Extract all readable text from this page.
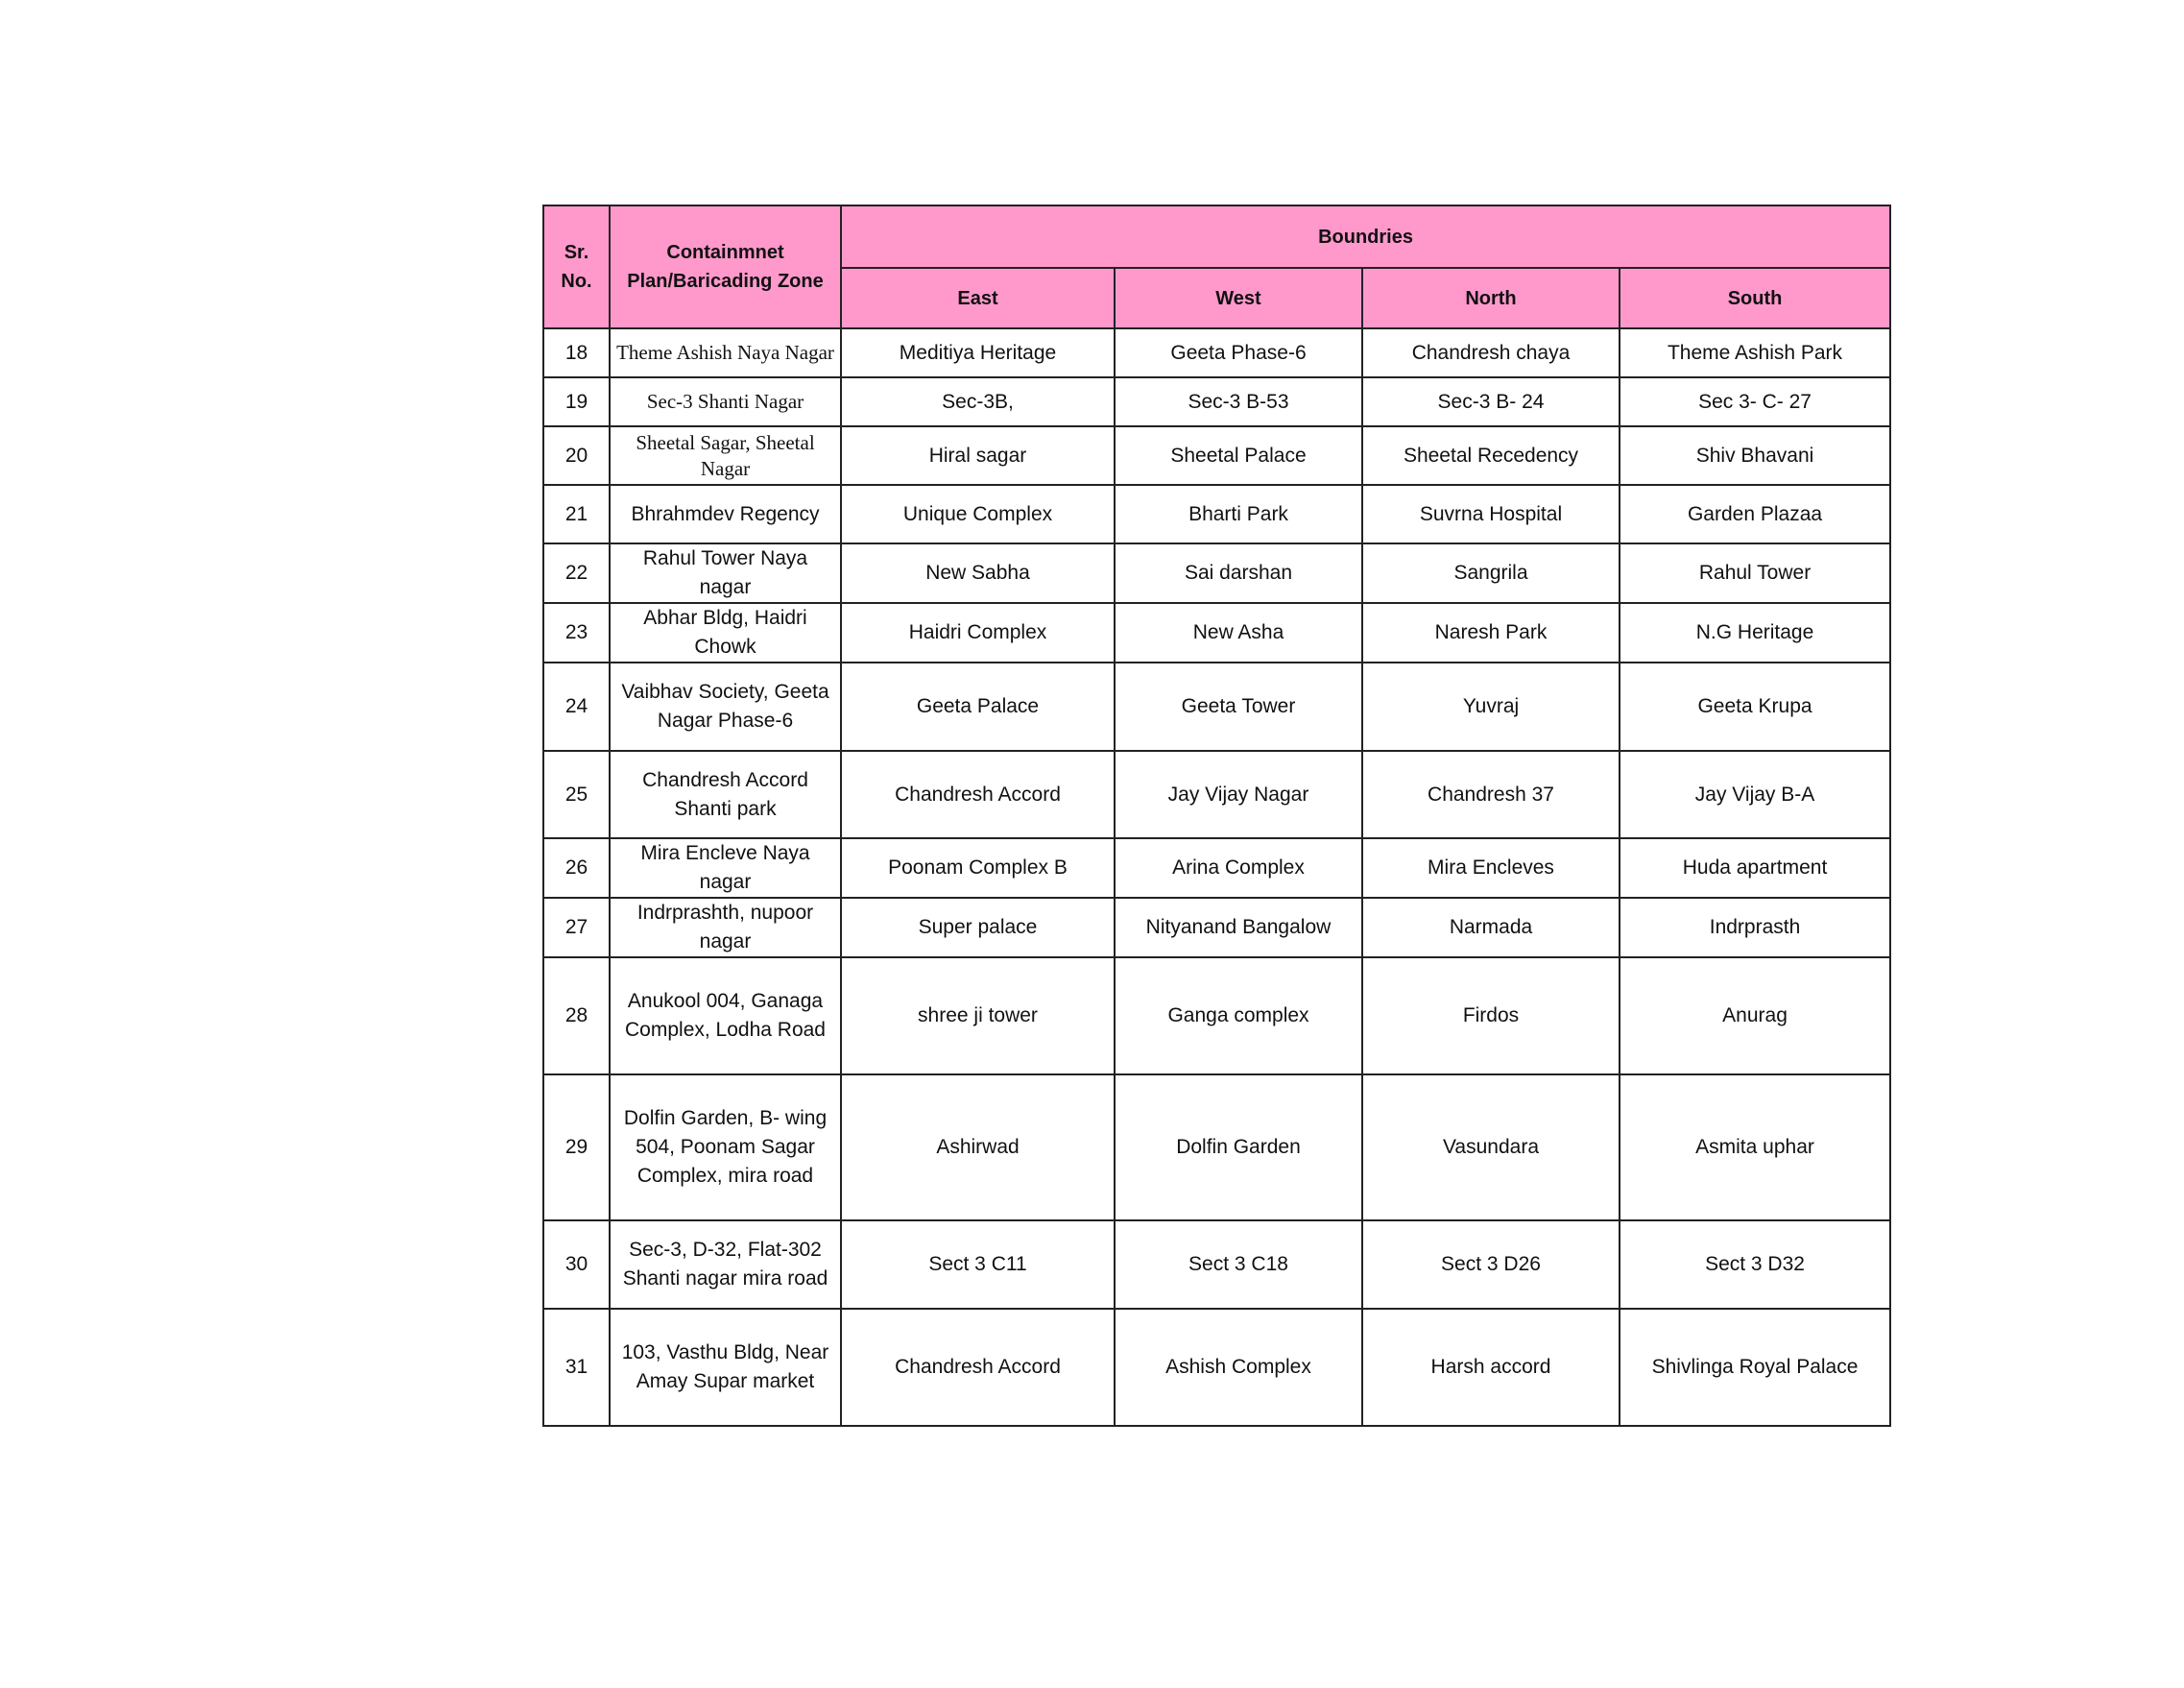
Sr. No.	Containmnet Plan/Baricading Zone	Boundries			
		East	West	North	South
18	Theme Ashish Naya Nagar	Meditiya Heritage	Geeta Phase-6	Chandresh chaya	Theme Ashish Park
19	Sec-3 Shanti Nagar	Sec-3B,	Sec-3 B-53	Sec-3 B- 24	Sec 3- C- 27
20	Sheetal Sagar, Sheetal Nagar	Hiral sagar	Sheetal Palace	Sheetal Recedency	Shiv Bhavani
21	Bhrahmdev Regency	Unique Complex	Bharti Park	Suvrna Hospital	Garden Plazaa
22	Rahul Tower Naya nagar	New Sabha	Sai darshan	Sangrila	Rahul Tower
23	Abhar Bldg, Haidri Chowk	Haidri Complex	New Asha	Naresh Park	N.G Heritage
24	Vaibhav Society, Geeta Nagar Phase-6	Geeta Palace	Geeta Tower	Yuvraj	Geeta Krupa
25	Chandresh Accord Shanti park	Chandresh Accord	Jay Vijay Nagar	Chandresh 37	Jay Vijay B-A
26	Mira Encleve Naya nagar	Poonam Complex B	Arina Complex	Mira Encleves	Huda apartment
27	Indrprashth, nupoor nagar	Super palace	Nityanand Bangalow	Narmada	Indrprasth
28	Anukool 004, Ganaga Complex, Lodha Road	shree ji tower	Ganga complex	Firdos	Anurag
29	Dolfin Garden, B- wing 504, Poonam Sagar Complex, mira road	Ashirwad	Dolfin Garden	Vasundara	Asmita uphar
30	Sec-3, D-32, Flat-302 Shanti nagar mira road	Sect 3 C11	Sect 3 C18	Sect 3 D26	Sect 3 D32
31	103, Vasthu Bldg, Near Amay Supar market	Chandresh Accord	Ashish Complex	Harsh accord	Shivlinga Royal Palace
